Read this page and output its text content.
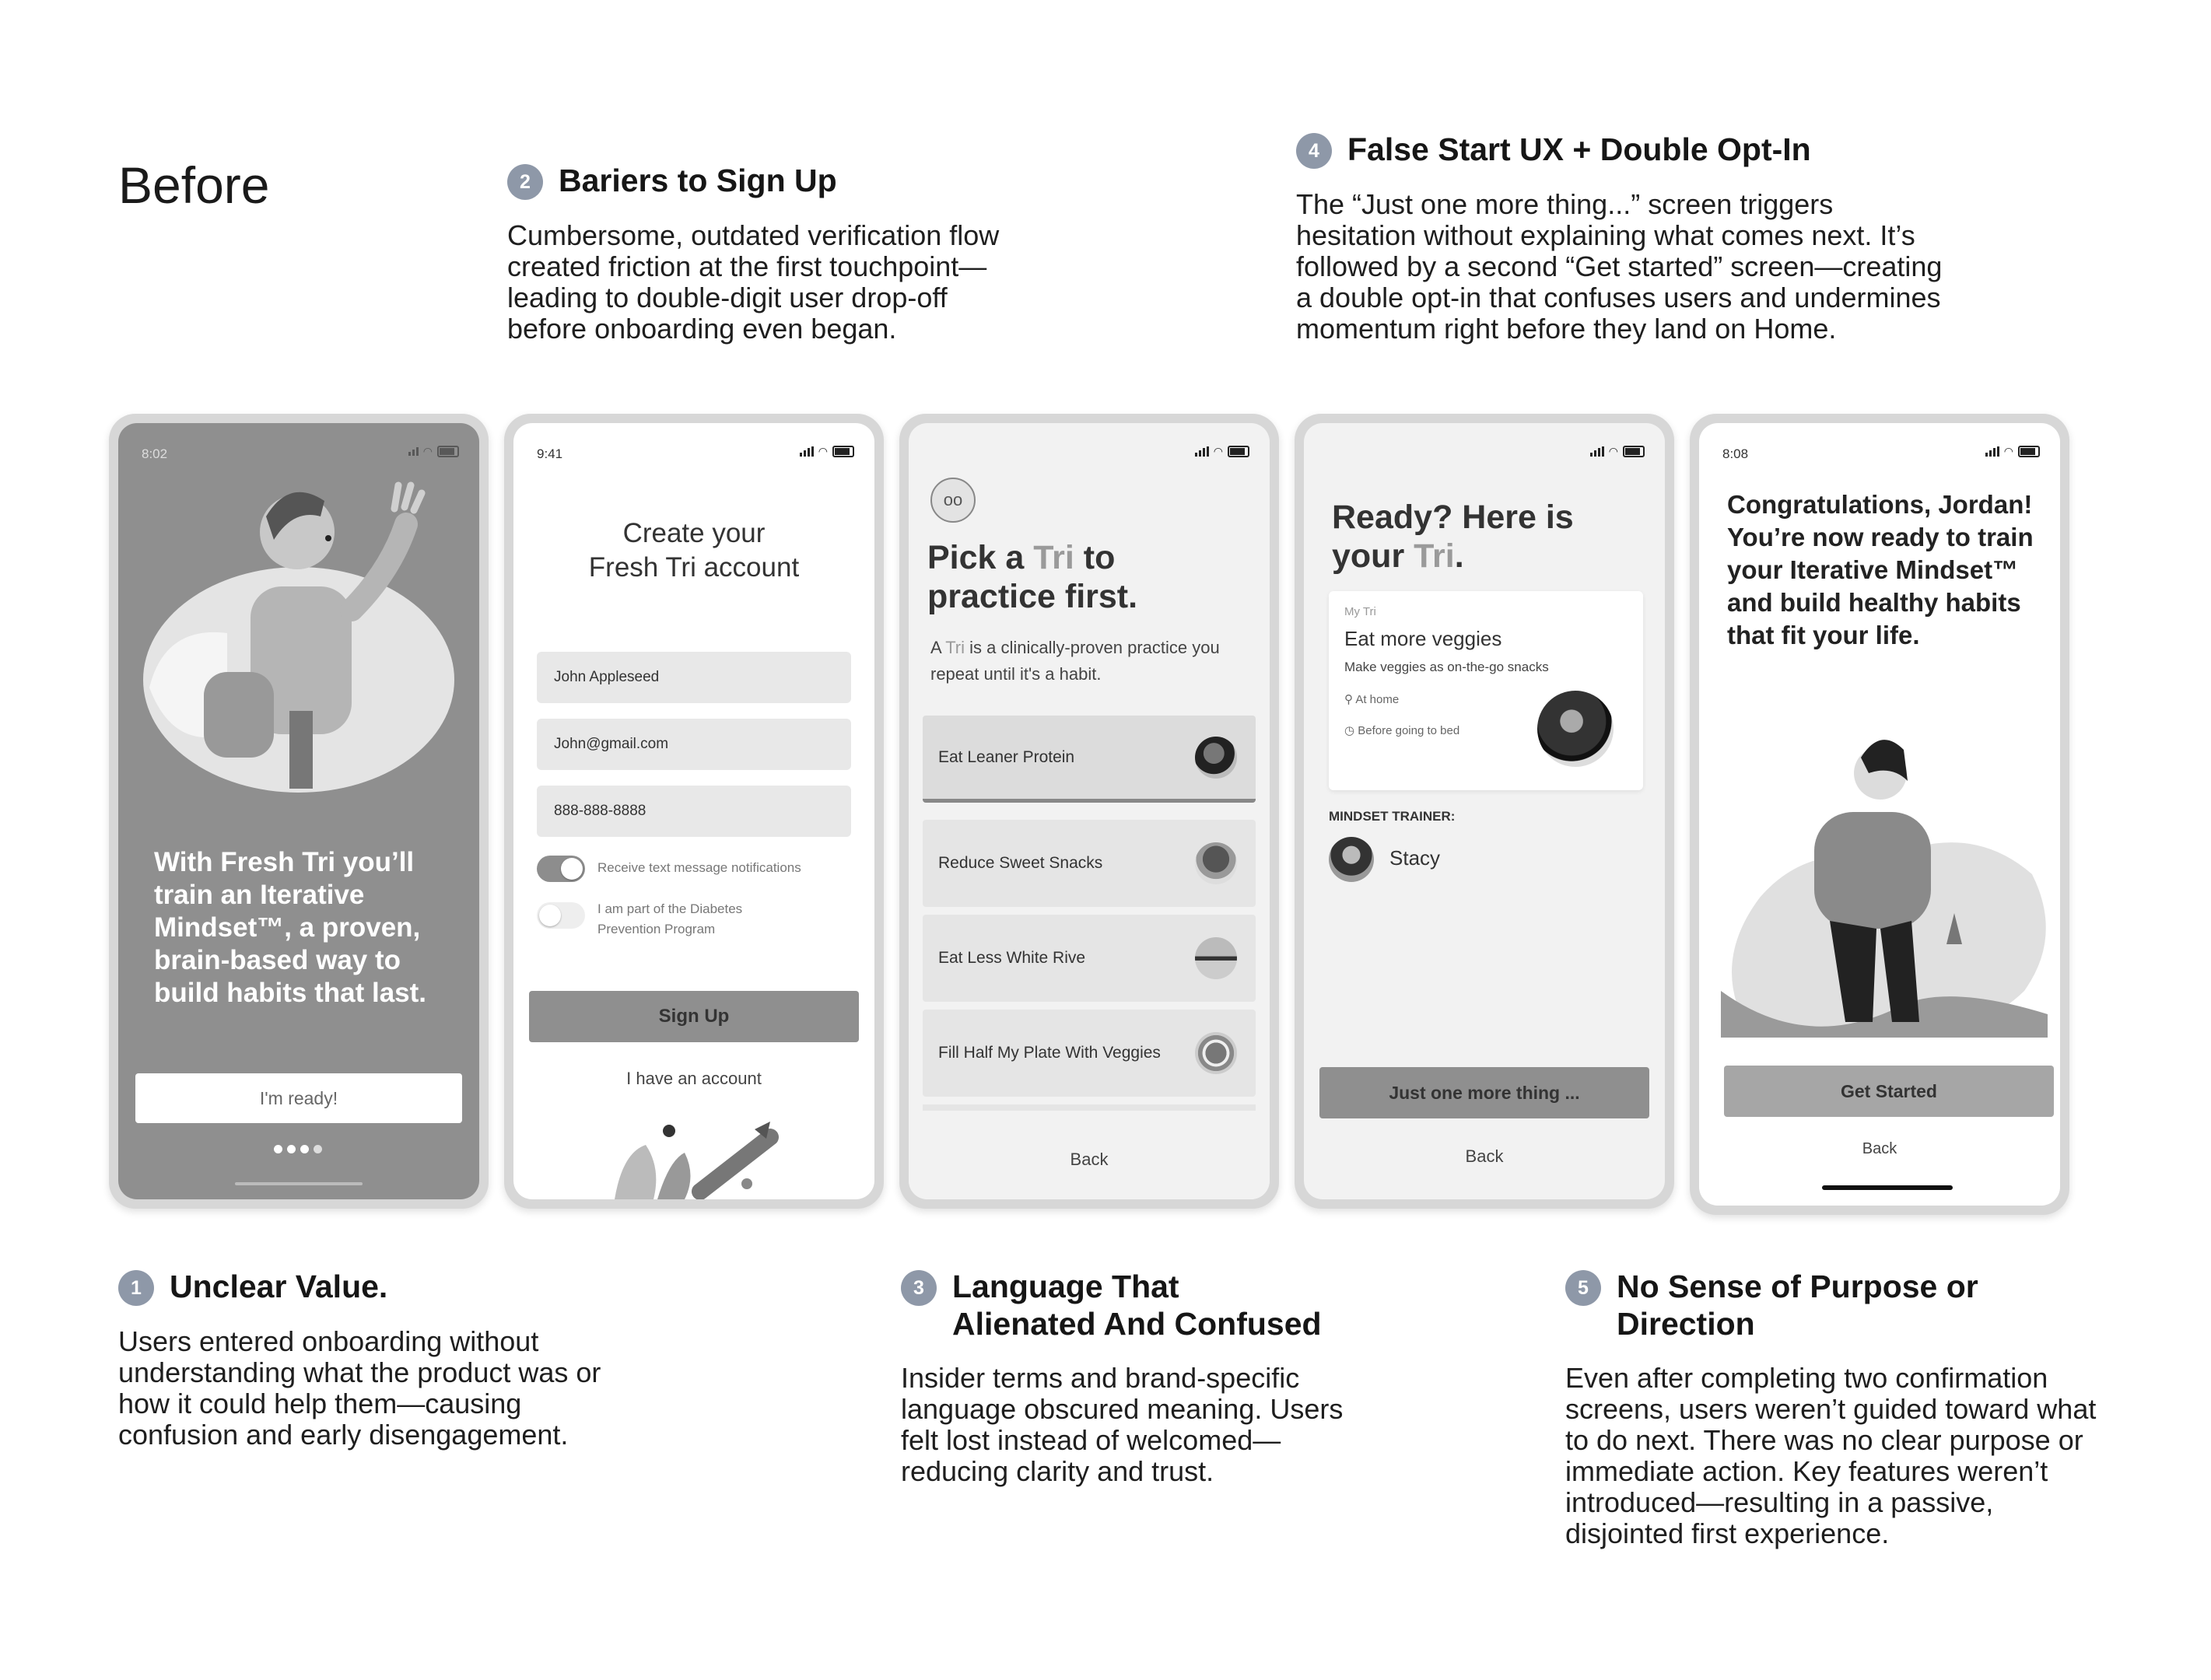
Before	2 Bariers to Sign Up
Cumbersome, outdated verification flow created friction at the first touchpoint—leading to double-digit user drop-off before onboarding even began.
4 False Start UX + Double Opt-In
The “Just one more thing...” screen triggers hesitation without explaining what comes next. It’s followed by a second “Get started” screen—creating a double opt-in that confuses users and undermines momentum right before they land on Home.
1 Unclear Value.
Users entered onboarding without understanding what the product was or how it could help them—causing confusion and early disengagement.
3 Language That Alienated And Confused
Insider terms and brand-specific language obscured meaning. Users felt lost instead of welcomed—reducing clarity and trust.
5 No Sense of Purpose or Direction
Even after completing two confirmation screens, users weren’t guided toward what to do next. There was no clear purpose or immediate action. Key features weren’t introduced—resulting in a passive, disjointed first experience.
8:02	◠
With Fresh Tri you’ll train an Iterative Mindset™, a proven, brain-based way to build habits that last.
I'm ready!
9:41	◠
Create your
Fresh Tri account
John Appleseed
John@gmail.com
888-888-8888
Receive text message notifications
I am part of the Diabetes Prevention Program
Sign Up
I have an account
◠
oo
Pick a Tri to
practice first.
A Tri is a clinically-proven practice you repeat until it's a habit.
Eat Leaner Protein
Reduce Sweet Snacks
Eat Less White Rive
Fill Half My Plate With Veggies
Back
◠
Ready? Here is
your Tri.
My Tri
Eat more veggies
Make veggies as on-the-go snacks
⚲ At home
◷ Before going to bed
MINDSET TRAINER:
Stacy
Just one more thing ...
Back
8:08	◠
Congratulations, Jordan! You’re now ready to train your Iterative Mindset™ and build healthy habits that fit your life.
Get Started
Back
